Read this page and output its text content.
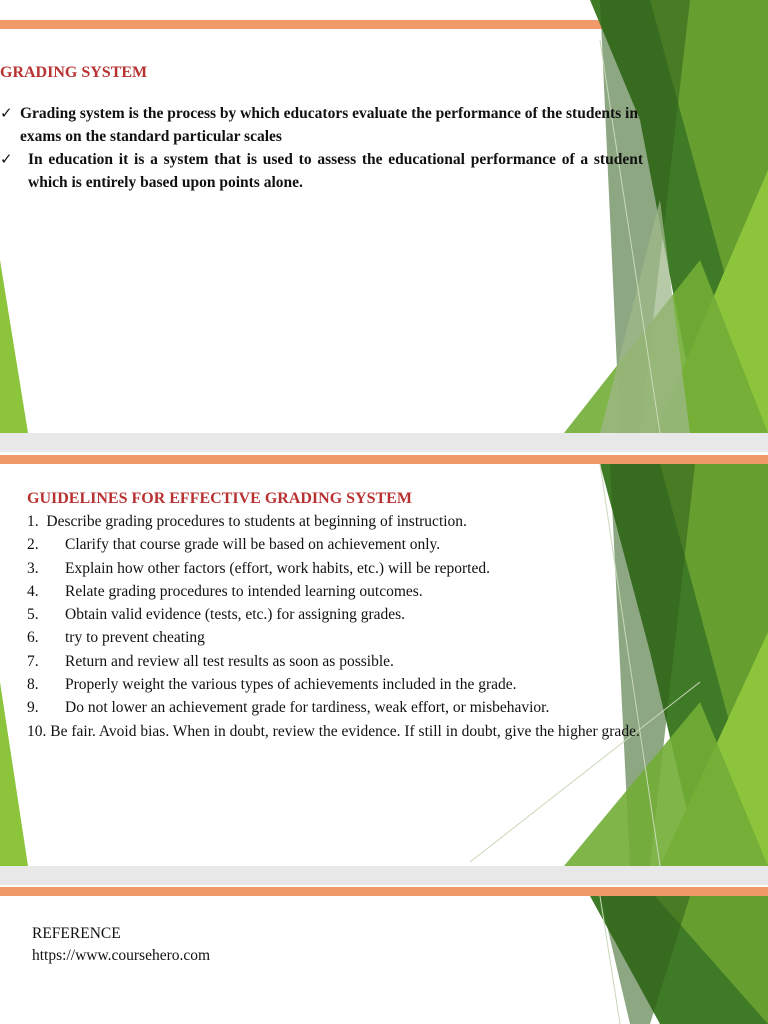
GRADING SYSTEM
✓ Grading system is the process by which educators evaluate the performance of the students in exams on the standard particular scales
✓ In education it is a system that is used to assess the educational performance of a student which is entirely based upon points alone.
GUIDELINES FOR EFFECTIVE GRADING SYSTEM
1. Describe grading procedures to students at beginning of instruction.
2. Clarify that course grade will be based on achievement only.
3. Explain how other factors (effort, work habits, etc.) will be reported.
4. Relate grading procedures to intended learning outcomes.
5. Obtain valid evidence (tests, etc.) for assigning grades.
6. try to prevent cheating
7. Return and review all test results as soon as possible.
8. Properly weight the various types of achievements included in the grade.
9. Do not lower an achievement grade for tardiness, weak effort, or misbehavior.
10. Be fair. Avoid bias. When in doubt, review the evidence. If still in doubt, give the higher grade.
REFERENCE
https://www.coursehero.com
